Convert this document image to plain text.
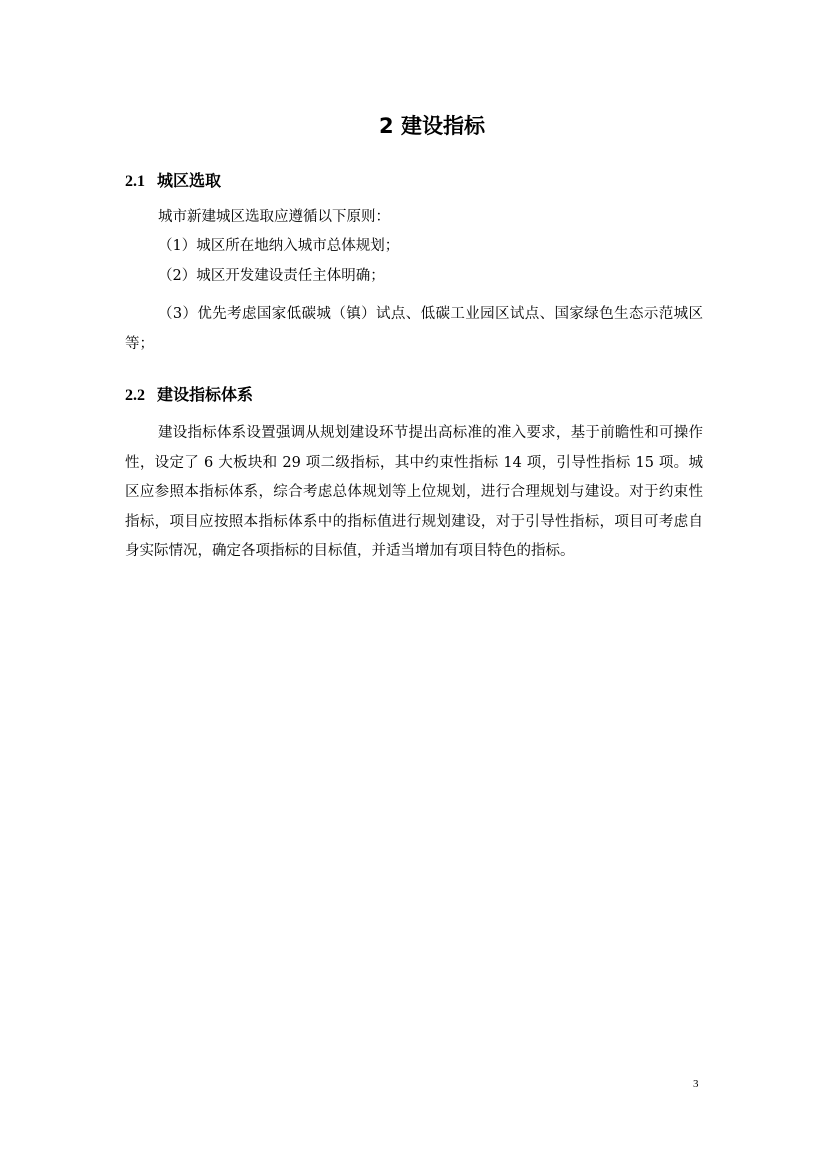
2 建设指标
2.1 城区选取

城市新建城区选取应遵循以下原则：

（1）城区所在地纳入城市总体规划；

（2）城区开发建设责任主体明确；

（3）优先考虑国家低碳城（镇）试点、低碳工业园区试点、国家绿色生态示范城区等；

2.2 建设指标体系

建设指标体系设置强调从规划建设环节提出高标准的准入要求，基于前瞻性和可操作性，设定了 6 大板块和 29 项二级指标，其中约束性指标 14 项，引导性指标 15 项。城区应参照本指标体系，综合考虑总体规划等上位规划，进行合理规划与建设。对于约束性指标，项目应按照本指标体系中的指标值进行规划建设，对于引导性指标，项目可考虑自身实际情况，确定各项指标的目标值，并适当增加有项目特色的指标。

3
